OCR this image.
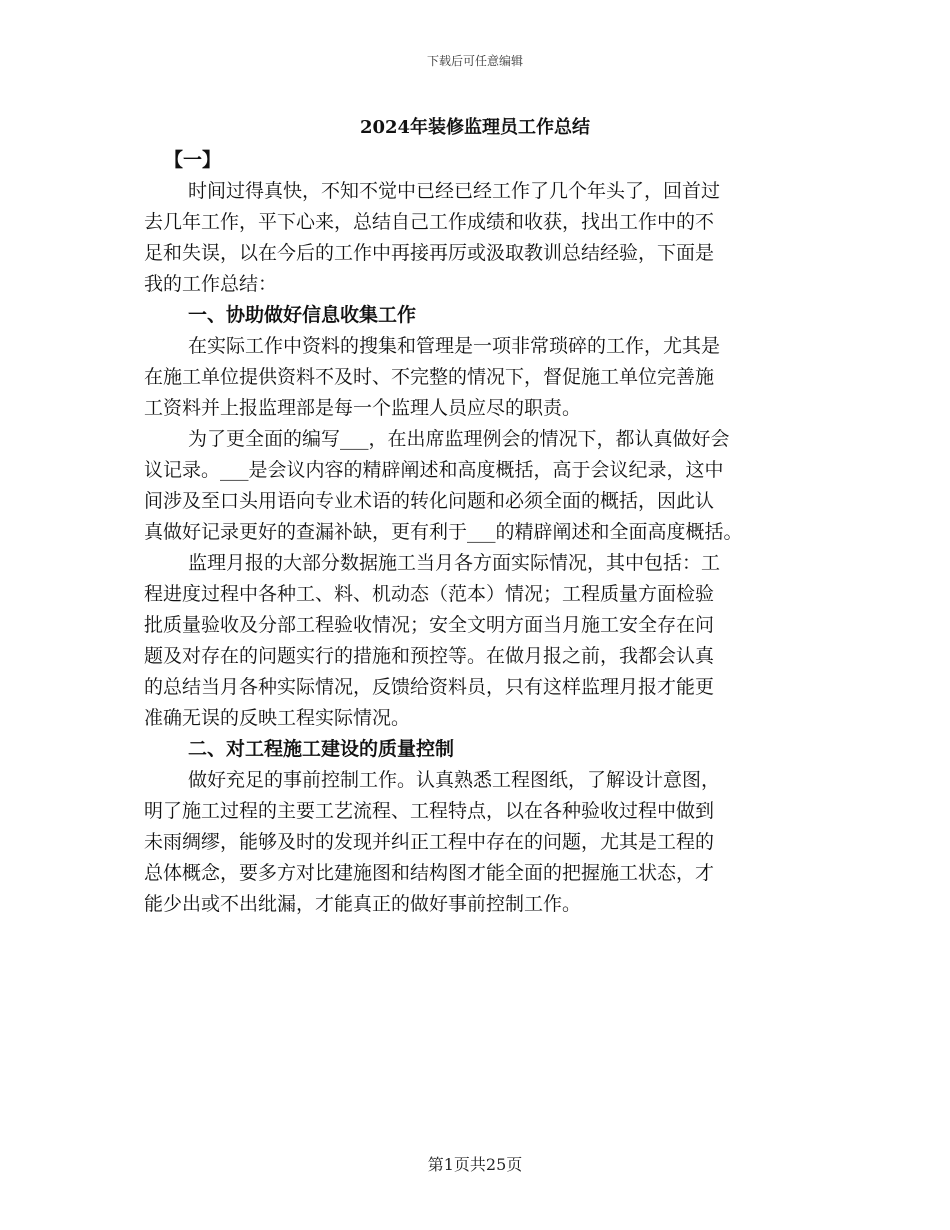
下载后可任意编辑
2024年装修监理员工作总结

【一】

时间过得真快，不知不觉中已经已经工作了几个年头了，回首过

去几年工作，平下心来，总结自己工作成绩和收获，找出工作中的不

足和失误，以在今后的工作中再接再厉或汲取教训总结经验，下面是

我的工作总结：

一、协助做好信息收集工作

在实际工作中资料的搜集和管理是一项非常琐碎的工作，尤其是

在施工单位提供资料不及时、不完整的情况下，督促施工单位完善施

工资料并上报监理部是每一个监理人员应尽的职责。

为了更全面的编写___，在出席监理例会的情况下，都认真做好会

议记录。___是会议内容的精辟阐述和高度概括，高于会议纪录，这中

间涉及至口头用语向专业术语的转化问题和必须全面的概括，因此认

真做好记录更好的查漏补缺，更有利于___的精辟阐述和全面高度概括。

监理月报的大部分数据施工当月各方面实际情况，其中包括：工

程进度过程中各种工、料、机动态（范本）情况；工程质量方面检验

批质量验收及分部工程验收情况；安全文明方面当月施工安全存在问

题及对存在的问题实行的措施和预控等。在做月报之前，我都会认真

的总结当月各种实际情况，反馈给资料员，只有这样监理月报才能更

准确无误的反映工程实际情况。

二、对工程施工建设的质量控制

做好充足的事前控制工作。认真熟悉工程图纸，了解设计意图，

明了施工过程的主要工艺流程、工程特点，以在各种验收过程中做到

未雨绸缪，能够及时的发现并纠正工程中存在的问题，尤其是工程的

总体概念，要多方对比建施图和结构图才能全面的把握施工状态，才

能少出或不出纰漏，才能真正的做好事前控制工作。

第1页共25页
